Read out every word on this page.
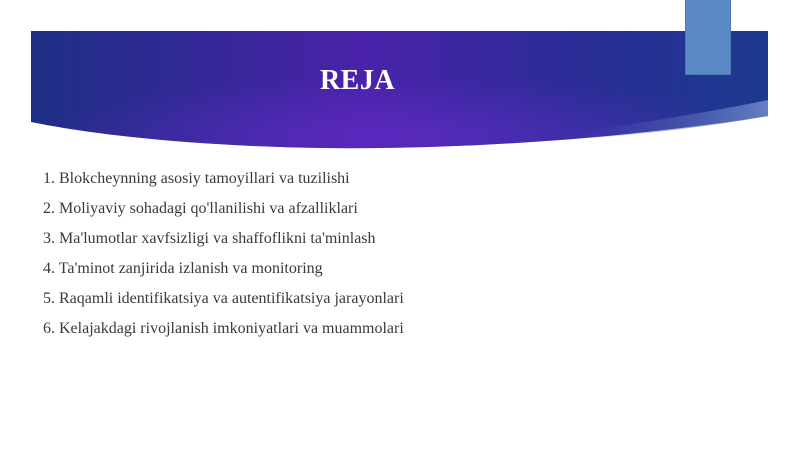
REJA
1. Blokcheynning asosiy tamoyillari va tuzilishi
2. Moliyaviy sohadagi qo'llanilishi va afzalliklari
3. Ma'lumotlar xavfsizligi va shaffoflikni ta'minlash
4. Ta'minot zanjirida izlanish va monitoring
5. Raqamli identifikatsiya va autentifikatsiya jarayonlari
6. Kelajakdagi rivojlanish imkoniyatlari va muammolari
